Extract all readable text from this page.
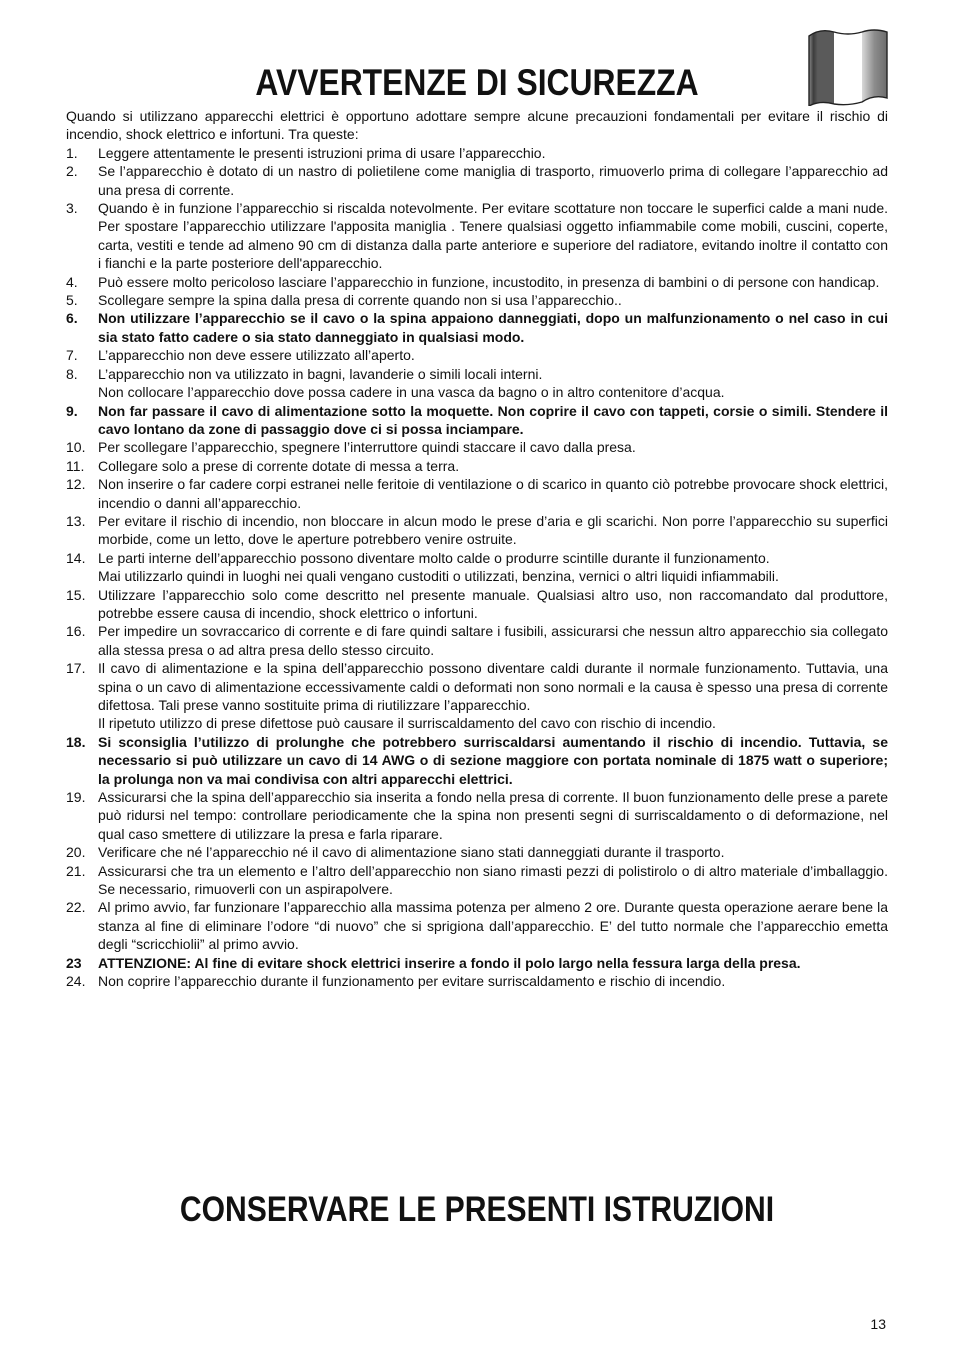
AVVERTENZE DI SICUREZZA

Quando si utilizzano apparecchi elettrici è opportuno adottare sempre alcune precauzioni fondamentali per evitare il rischio di incendio, shock elettrico e infortuni. Tra queste:

1.	Leggere attentamente le presenti istruzioni prima di usare l’apparecchio.
2.	Se l’apparecchio è dotato di un nastro di polietilene come maniglia di trasporto, rimuoverlo prima di collegare l’apparecchio ad una presa di corrente.
3.	Quando è in funzione l’apparecchio si riscalda notevolmente. Per evitare scottature non toccare le superfici calde a mani nude. Per spostare l’apparecchio utilizzare l'apposita maniglia . Tenere qualsiasi oggetto infiammabile come mobili, cuscini, coperte, carta, vestiti e tende ad almeno 90 cm di distanza dalla parte anteriore e superiore del radiatore, evitando inoltre il contatto con i fianchi e la parte posteriore dell'apparecchio.
4.	Può essere molto pericoloso lasciare l’apparecchio in funzione, incustodito, in presenza di bambini o di persone con handicap.
5.	Scollegare sempre la spina dalla presa di corrente quando non si usa l’apparecchio..
6.	Non utilizzare l’apparecchio se il cavo o la spina appaiono danneggiati, dopo un malfunzionamento o nel caso in cui sia stato fatto cadere o sia stato danneggiato in qualsiasi modo.
7.	L’apparecchio non deve essere utilizzato all’aperto.
8.	L’apparecchio non va utilizzato in bagni, lavanderie o simili locali interni.
Non collocare l’apparecchio dove possa cadere in una vasca da bagno o in altro contenitore d’acqua.
9.	Non far passare il cavo di alimentazione sotto la moquette. Non coprire il cavo con tappeti, corsie o simili. Stendere il cavo lontano da zone di passaggio dove ci si possa inciampare.
10. Per scollegare l’apparecchio, spegnere l’interruttore quindi staccare il cavo dalla presa.
11. Collegare solo a prese di corrente dotate di messa a terra.
12. Non inserire o far cadere corpi estranei nelle feritoie di ventilazione o di scarico in quanto ciò potrebbe provocare shock elettrici, incendio o danni all’apparecchio.
13. Per evitare il rischio di incendio, non bloccare in alcun modo le prese d’aria e gli scarichi. Non porre l’apparecchio su superfici morbide, come un letto, dove le aperture potrebbero venire ostruite.
14. Le parti interne dell’apparecchio possono diventare molto calde o produrre scintille durante il funzionamento.
Mai utilizzarlo quindi in luoghi nei quali vengano custoditi o utilizzati, benzina, vernici o altri liquidi infiammabili.
15. Utilizzare l’apparecchio solo come descritto nel presente manuale. Qualsiasi altro uso, non raccomandato dal produttore, potrebbe essere causa di incendio, shock elettrico o infortuni.
16. Per impedire un sovraccarico di corrente e di fare quindi saltare i fusibili, assicurarsi che nessun altro apparecchio sia collegato alla stessa presa o ad altra presa dello stesso circuito.
17. Il cavo di alimentazione e la spina dell’apparecchio possono diventare caldi durante il normale funzionamento. Tuttavia, una spina o un cavo di alimentazione eccessivamente caldi o deformati non sono normali e la causa è spesso una presa di corrente difettosa. Tali prese vanno sostituite prima di riutilizzare l’apparecchio.
Il ripetuto utilizzo di prese difettose può causare il surriscaldamento del cavo con rischio di incendio.
18. Si sconsiglia l’utilizzo di prolunghe che potrebbero surriscaldarsi aumentando il rischio di incendio. Tuttavia, se necessario si può utilizzare un cavo di 14 AWG o di sezione maggiore con portata nominale di 1875 watt o superiore; la prolunga non va mai condivisa con altri apparecchi elettrici.
19. Assicurarsi che la spina dell’apparecchio sia inserita a fondo nella presa di corrente. Il buon funzionamento delle prese a parete può ridursi nel tempo: controllare periodicamente che la spina non presenti segni di surriscaldamento o di deformazione, nel qual caso smettere di utilizzare la presa e farla riparare.
20. Verificare che né l’apparecchio né il cavo di alimentazione siano stati danneggiati durante il trasporto.
21. Assicurarsi che tra un elemento e l’altro dell’apparecchio non siano rimasti pezzi di polistirolo o di altro materiale d’imballaggio. Se necessario, rimuoverli con un aspirapolvere.
22. Al primo avvio, far funzionare l’apparecchio alla massima potenza per almeno 2 ore. Durante questa operazione aerare bene la stanza al fine di eliminare l’odore “di nuovo” che si sprigiona dall’apparecchio. E’ del tutto normale che l’apparecchio emetta degli “scricchiolii” al primo avvio.
23	ATTENZIONE: Al fine di evitare shock elettrici inserire a fondo il polo largo nella fessura larga della presa.
24. Non coprire l’apparecchio durante il funzionamento per evitare surriscaldamento e rischio di incendio.
CONSERVARE LE PRESENTI ISTRUZIONI
13
